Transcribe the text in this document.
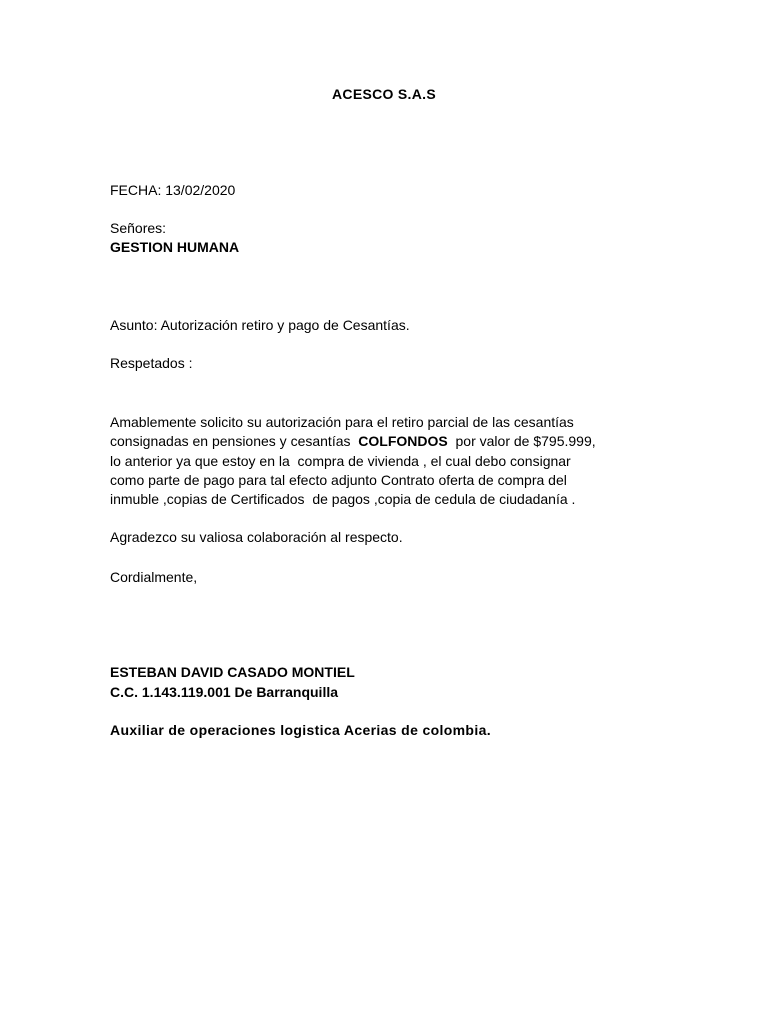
ACESCO S.A.S
FECHA: 13/02/2020
Señores:
GESTION HUMANA
Asunto: Autorización retiro y pago de Cesantías.
Respetados :
Amablemente solicito su autorización para el retiro parcial de las cesantías
consignadas en pensiones y cesantías  COLFONDOS  por valor de $795.999,
lo anterior ya que estoy en la  compra de vivienda , el cual debo consignar
como parte de pago para tal efecto adjunto Contrato oferta de compra del
inmuble ,copias de Certificados  de pagos ,copia de cedula de ciudadanía .
Agradezco su valiosa colaboración al respecto.
Cordialmente,
ESTEBAN DAVID CASADO MONTIEL
C.C. 1.143.119.001 De Barranquilla
Auxiliar de operaciones logistica Acerias de colombia.
